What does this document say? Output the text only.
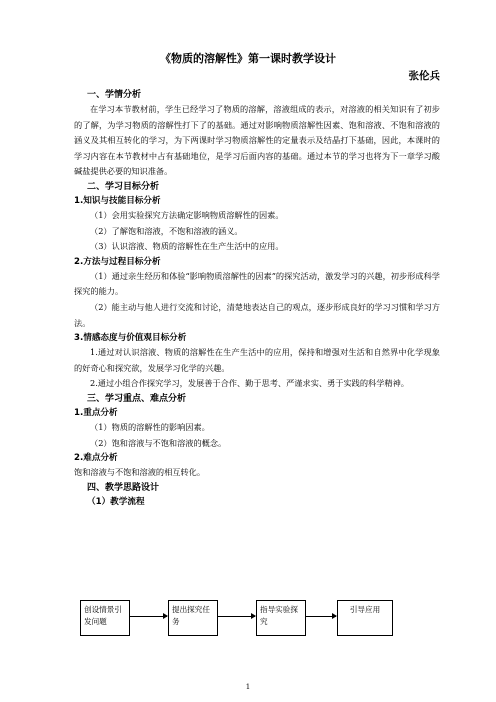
《物质的溶解性》第一课时教学设计
张伦兵

一、学情分析

在学习本节教材前，学生已经学习了物质的溶解，溶液组成的表示，对溶液的相关知识有了初步的了解，为学习物质的溶解性打下了的基础。通过对影响物质溶解性因素、饱和溶液、不饱和溶液的涵义及其相互转化的学习，为下两课时学习物质溶解性的定量表示及结晶打下基础，因此，本课时的学习内容在本节教材中占有基础地位，是学习后面内容的基础。通过本节的学习也将为下一章学习酸碱盐提供必要的知识准备。

二、学习目标分析

1.知识与技能目标分析

（1）会用实验探究方法确定影响物质溶解性的因素。

（2）了解饱和溶液，不饱和溶液的涵义。

（3）认识溶液、物质的溶解性在生产生活中的应用。

2.方法与过程目标分析

（1）通过亲生经历和体验“影响物质溶解性的因素”的探究活动，激发学习的兴趣，初步形成科学探究的能力。

（2）能主动与他人进行交流和讨论，清楚地表达自己的观点，逐步形成良好的学习习惯和学习方法。

3.情感态度与价值观目标分析

1.通过对认识溶液、物质的溶解性在生产生活中的应用，保持和增强对生活和自然界中化学现象的好奇心和探究欲，发展学习化学的兴趣。

2.通过小组合作探究学习，发展善于合作、勤于思考、严谨求实、勇于实践的科学精神。

三、学习重点、难点分析

1.重点分析

（1）物质的溶解性的影响因素。

（2）饱和溶液与不饱和溶液的概念。

2.难点分析

饱和溶液与不饱和溶液的相互转化。

四、教学思路设计

（1）教学流程

创设情景引发问题
提出探究任务
指导实验探究
引导应用
1
